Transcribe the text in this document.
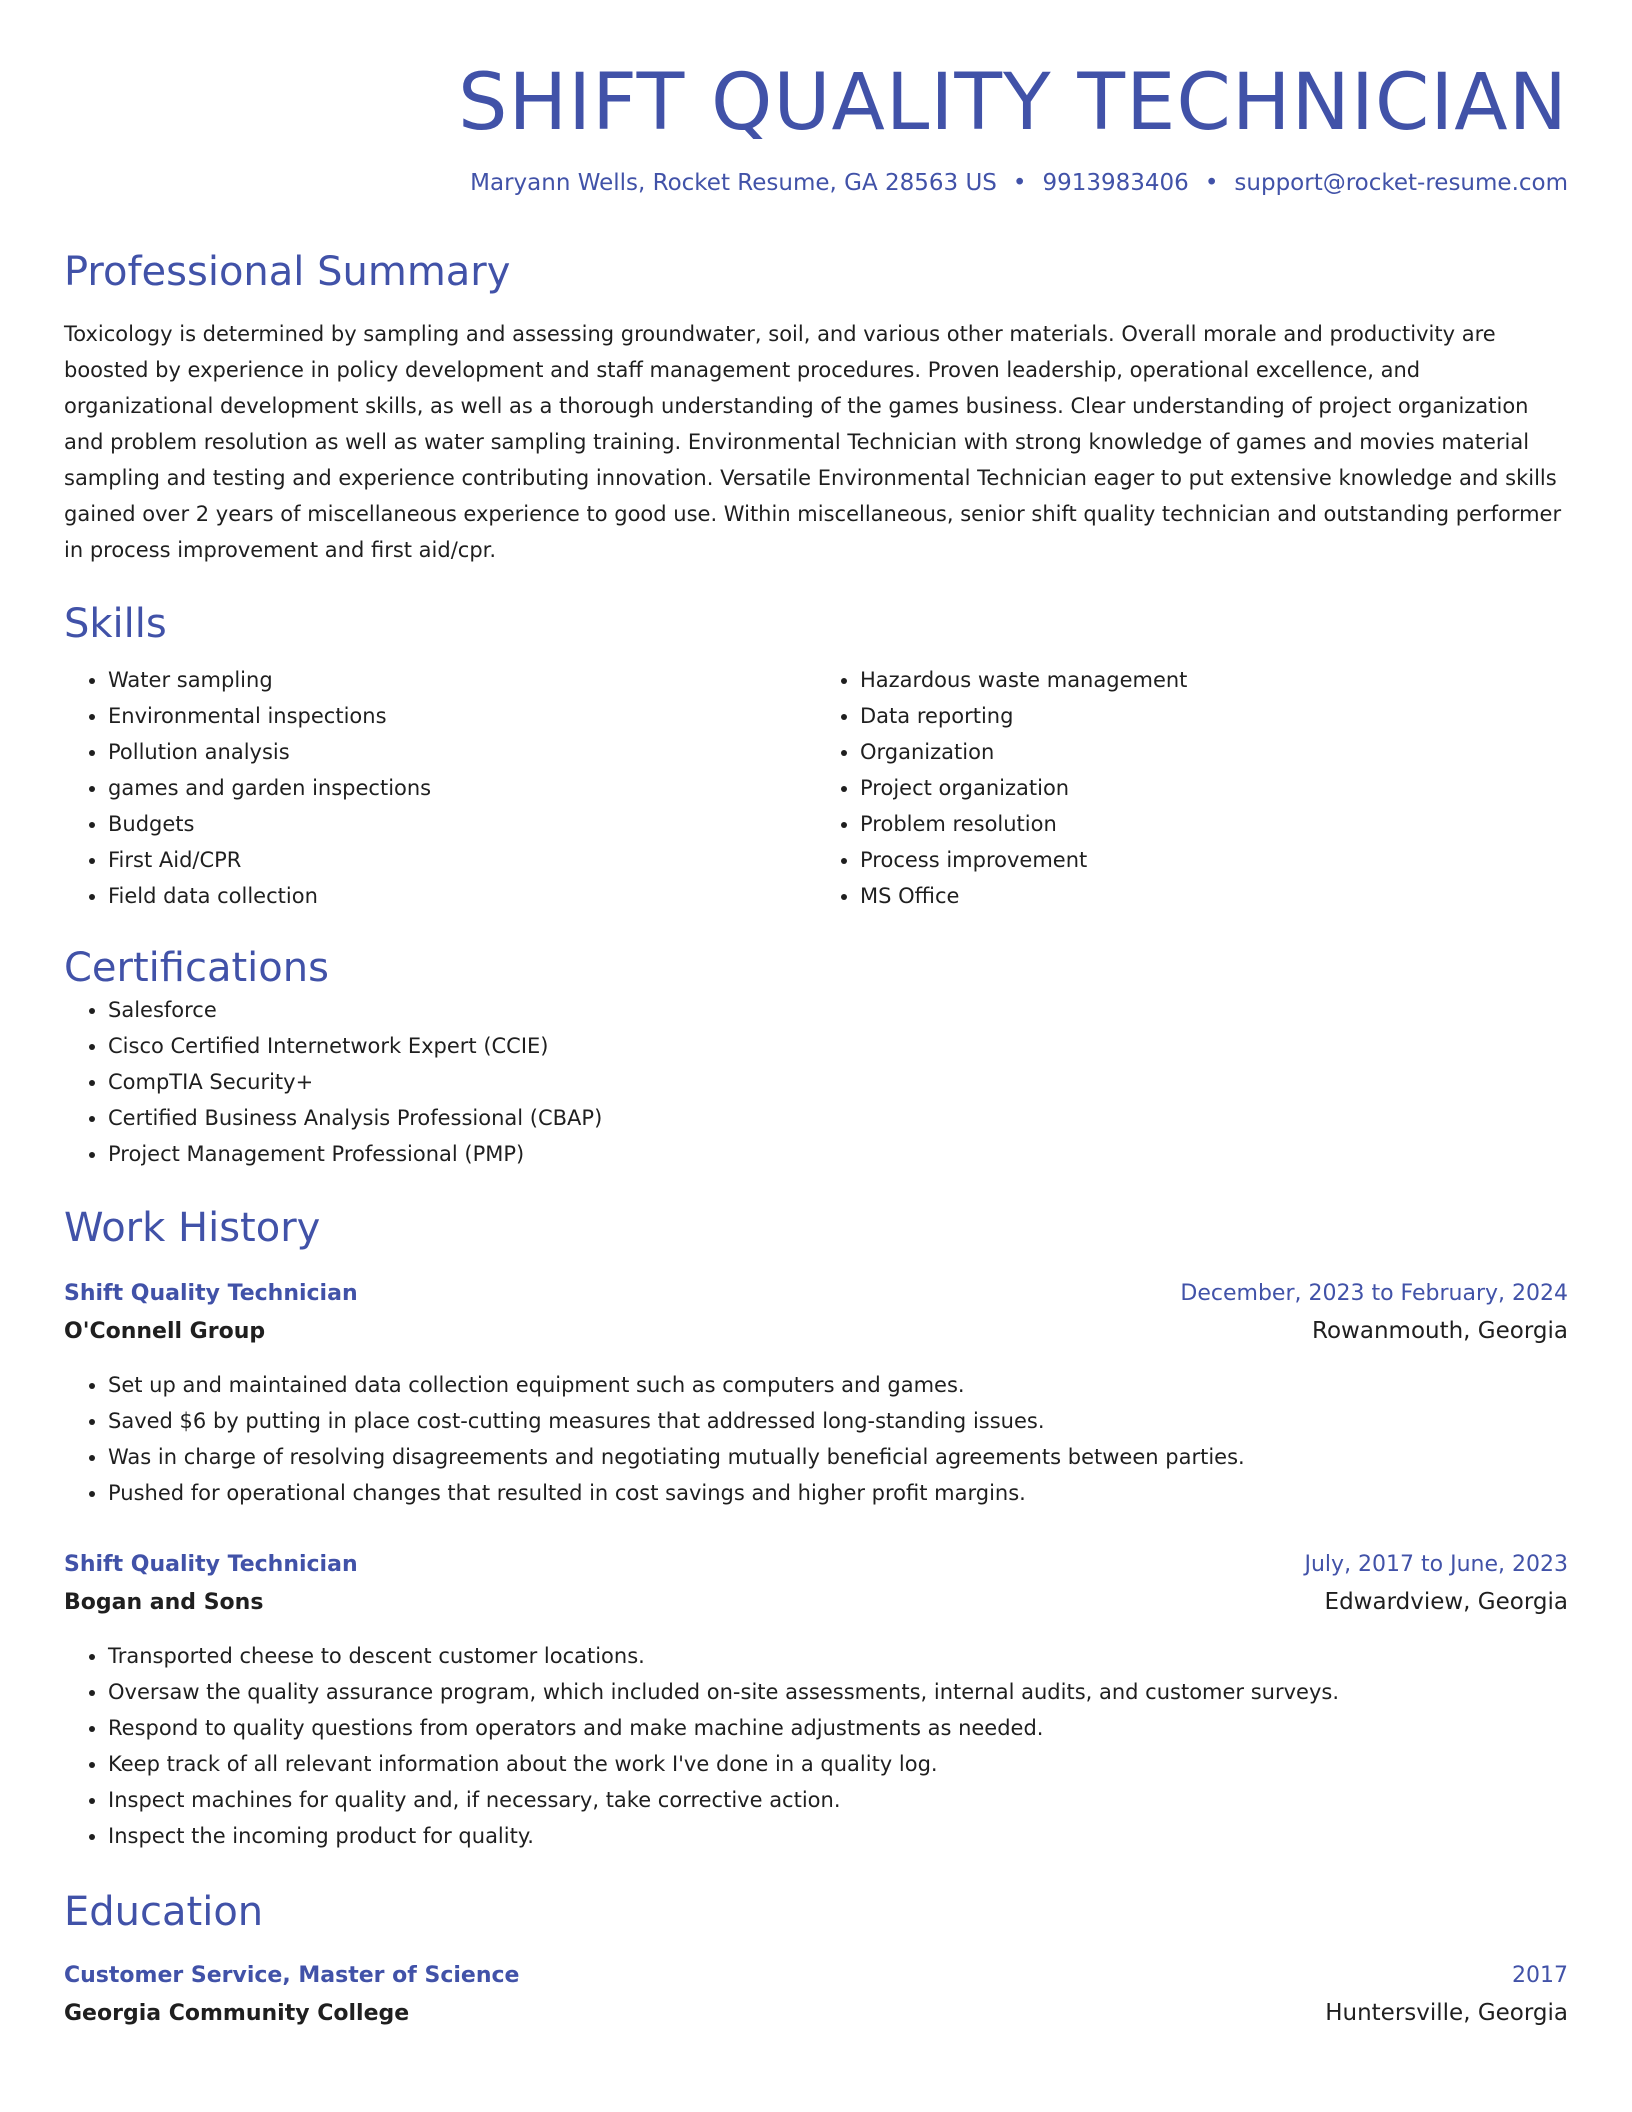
SHIFT QUALITY TECHNICIAN
Maryann Wells, Rocket Resume, GA 28563 US • 9913983406 • support@rocket-resume.com
Professional Summary

Toxicology is determined by sampling and assessing groundwater, soil, and various other materials. Overall morale and productivity are boosted by experience in policy development and staff management procedures. Proven leadership, operational excellence, and organizational development skills, as well as a thorough understanding of the games business. Clear understanding of project organization and problem resolution as well as water sampling training. Environmental Technician with strong knowledge of games and movies material sampling and testing and experience contributing innovation. Versatile Environmental Technician eager to put extensive knowledge and skills gained over 2 years of miscellaneous experience to good use. Within miscellaneous, senior shift quality technician and outstanding performer in process improvement and first aid/cpr.

Skills
• Water sampling
• Environmental inspections
• Pollution analysis
• games and garden inspections
• Budgets
• First Aid/CPR
• Field data collection
• Hazardous waste management
• Data reporting
• Organization
• Project organization
• Problem resolution
• Process improvement
• MS Office
Certifications
• Salesforce
• Cisco Certified Internetwork Expert (CCIE)
• CompTIA Security+
• Certified Business Analysis Professional (CBAP)
• Project Management Professional (PMP)
Work History
Shift Quality Technician	December, 2023 to February, 2024
O'Connell Group	Rowanmouth, Georgia
• Set up and maintained data collection equipment such as computers and games.
• Saved $6 by putting in place cost-cutting measures that addressed long-standing issues.
• Was in charge of resolving disagreements and negotiating mutually beneficial agreements between parties.
• Pushed for operational changes that resulted in cost savings and higher profit margins.
Shift Quality Technician	July, 2017 to June, 2023
Bogan and Sons	Edwardview, Georgia
• Transported cheese to descent customer locations.
• Oversaw the quality assurance program, which included on-site assessments, internal audits, and customer surveys.
• Respond to quality questions from operators and make machine adjustments as needed.
• Keep track of all relevant information about the work I've done in a quality log.
• Inspect machines for quality and, if necessary, take corrective action.
• Inspect the incoming product for quality.
Education
Customer Service, Master of Science	2017
Georgia Community College	Huntersville, Georgia
